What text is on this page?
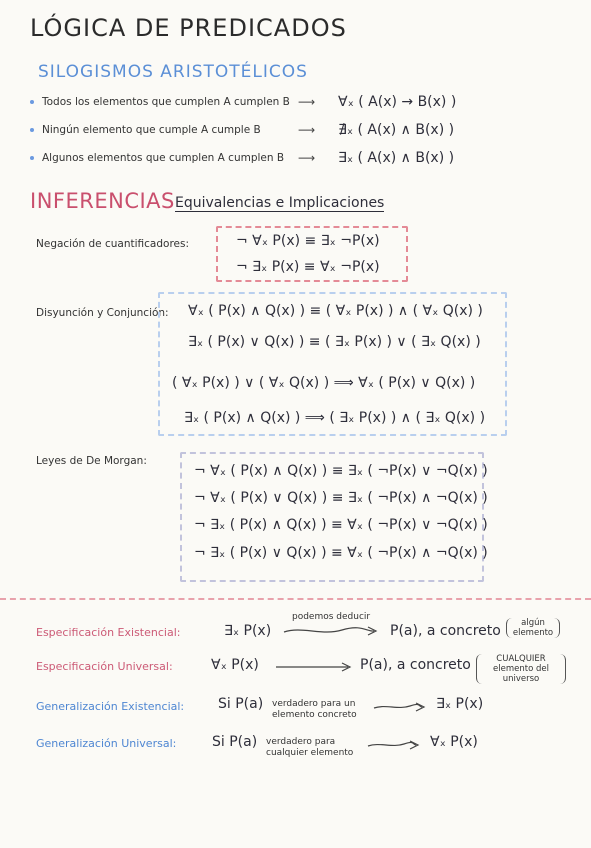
LÓGICA DE PREDICADOS
SILOGISMOS ARISTOTÉLICOS
Todos los elementos que cumplen A cumplen B ⟶	∀ₓ ( A(x) → B(x) )
Ningún elemento que cumple A cumple B	⟶	∄ₓ ( A(x) ∧ B(x) )
Algunos elementos que cumplen A cumplen B	⟶	∃ₓ ( A(x) ∧ B(x) )
INFERENCIAS Equivalencias e Implicaciones
Negación de cuantificadores:	¬ ∀ₓ P(x) ≡ ∃ₓ ¬P(x)
¬ ∃ₓ P(x) ≡ ∀ₓ ¬P(x)
Disyunción y Conjunción: ∀ₓ ( P(x) ∧ Q(x) ) ≡ ( ∀ₓ P(x) ) ∧ ( ∀ₓ Q(x) )
∃ₓ ( P(x) ∨ Q(x) ) ≡ ( ∃ₓ P(x) ) ∨ ( ∃ₓ Q(x) )
( ∀ₓ P(x) ) ∨ ( ∀ₓ Q(x) ) ⟹ ∀ₓ ( P(x) ∨ Q(x) )
∃ₓ ( P(x) ∧ Q(x) ) ⟹ ( ∃ₓ P(x) ) ∧ ( ∃ₓ Q(x) )
Leyes de De Morgan:
¬ ∀ₓ ( P(x) ∧ Q(x) ) ≡ ∃ₓ ( ¬P(x) ∨ ¬Q(x) )
¬ ∀ₓ ( P(x) ∨ Q(x) ) ≡ ∃ₓ ( ¬P(x) ∧ ¬Q(x) )
¬ ∃ₓ ( P(x) ∧ Q(x) ) ≡ ∀ₓ ( ¬P(x) ∨ ¬Q(x) )
¬ ∃ₓ ( P(x) ∨ Q(x) ) ≡ ∀ₓ ( ¬P(x) ∧ ¬Q(x) )
Especificación Existencial:	∃ₓ P(x)
podemos deducir
P(a), a concreto	algún elemento
Especificación Universal:	∀ₓ P(x)	P(a), a concreto	CUALQUIER elemento del universo
Generalización Existencial: Si P(a) verdadero para un elemento concreto
∃ₓ P(x)
Generalización Universal:	Si P(a) verdadero para cualquier elemento
∀ₓ P(x)
